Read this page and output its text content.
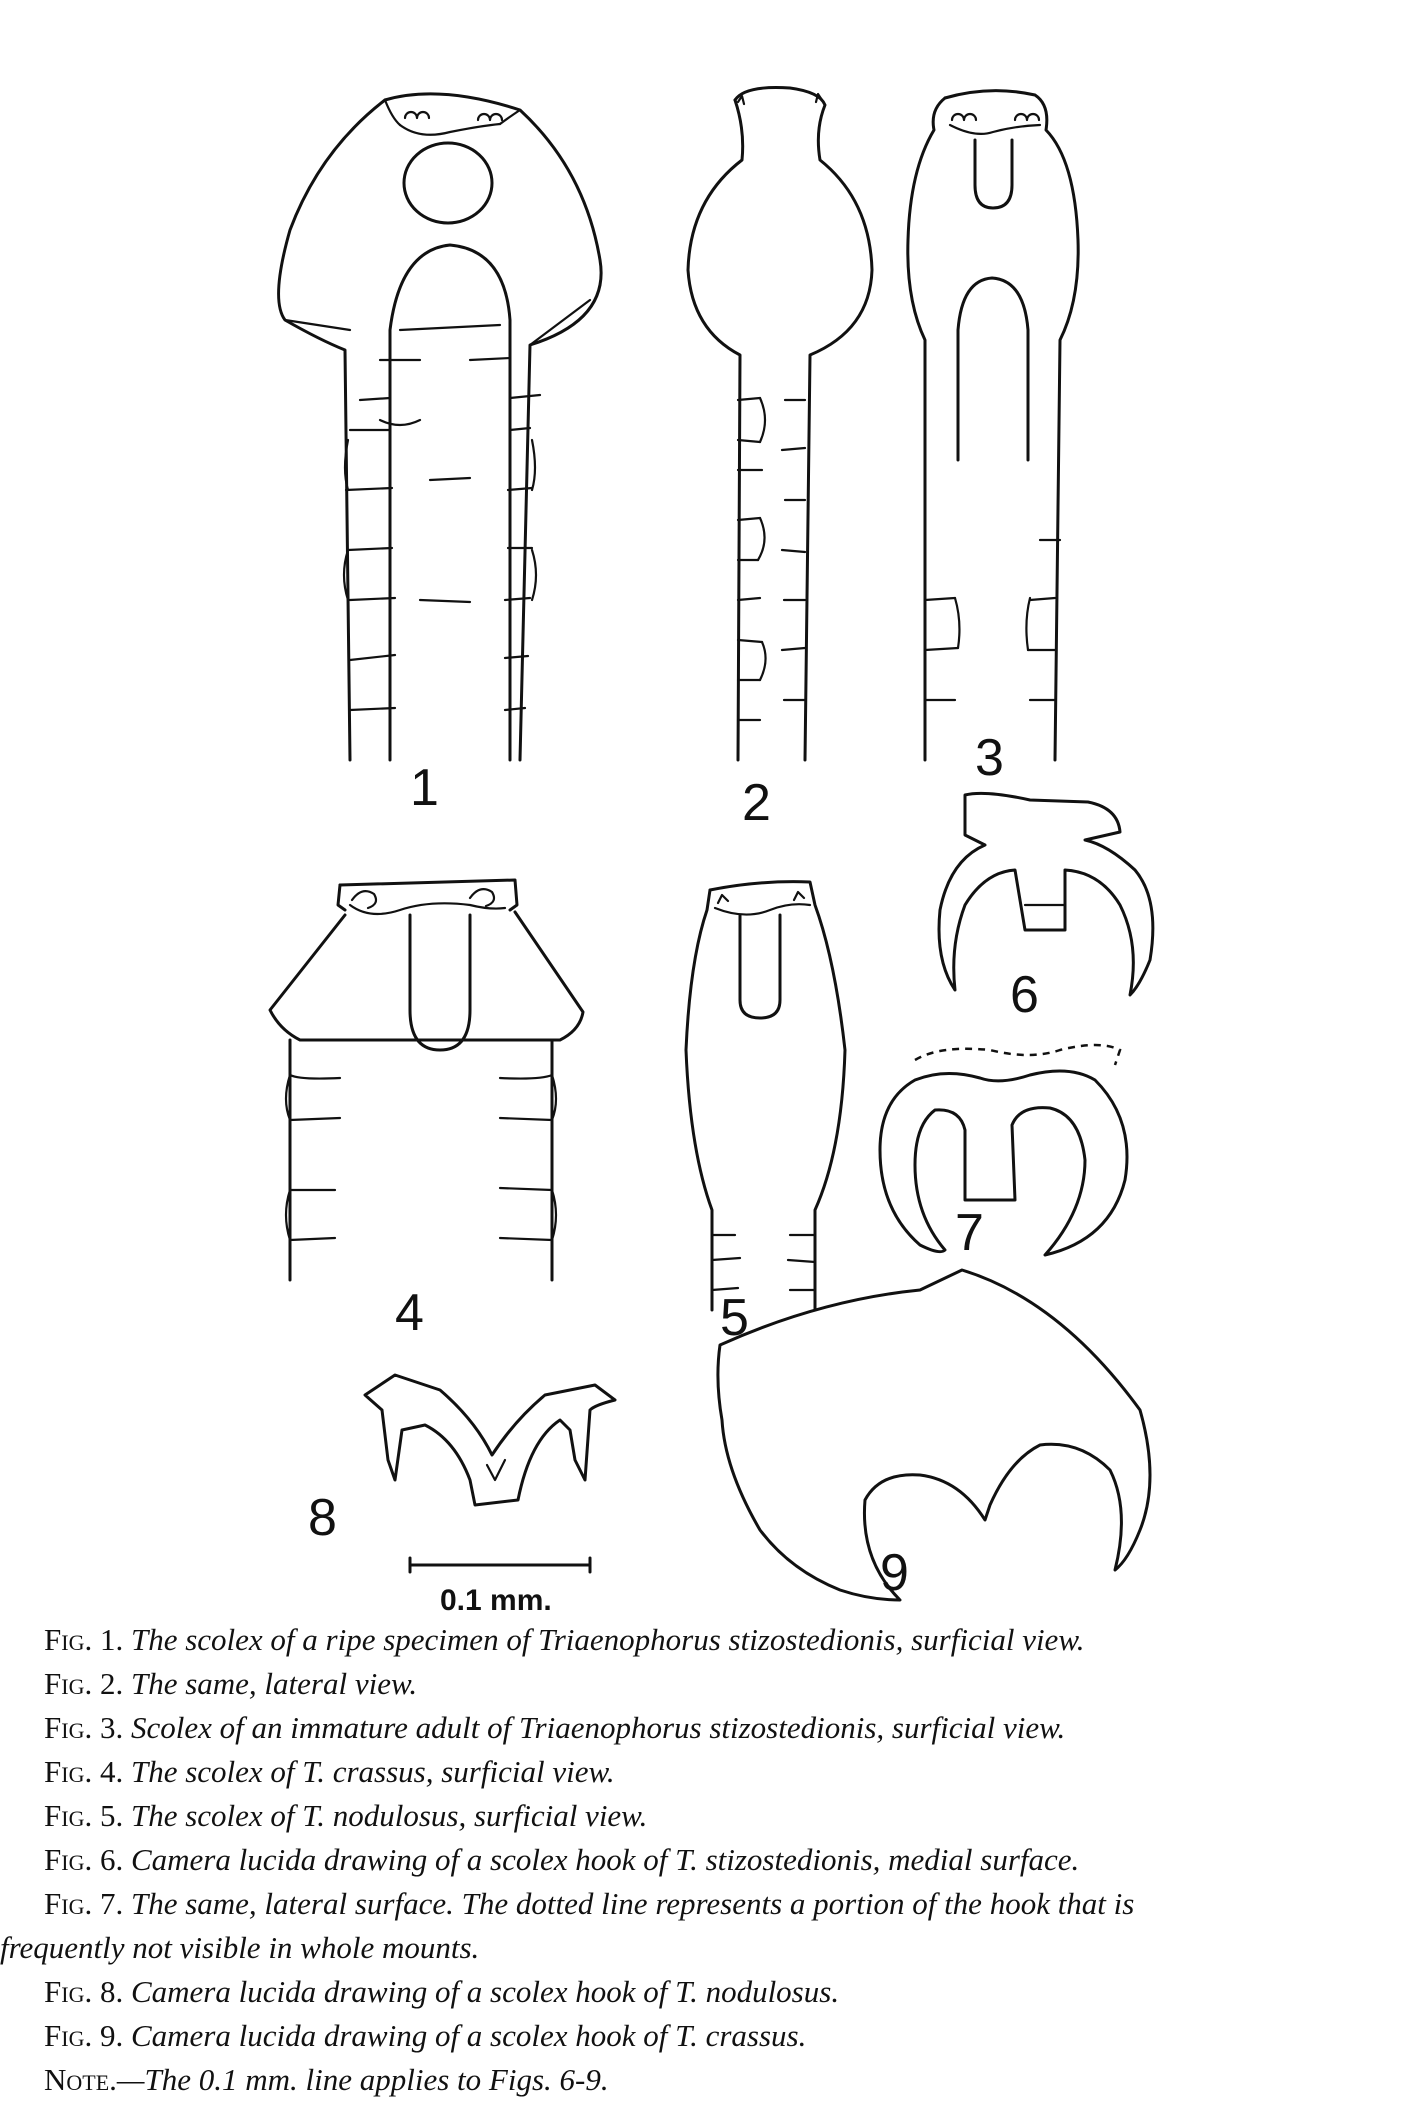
0.1 mm.
1	2
3
4	5
6
7
8
9
Fig. 1. The scolex of a ripe specimen of Triaenophorus stizostedionis, surficial view.
Fig. 2. The same, lateral view.
Fig. 3. Scolex of an immature adult of Triaenophorus stizostedionis, surficial view.
Fig. 4. The scolex of T. crassus, surficial view.
Fig. 5. The scolex of T. nodulosus, surficial view.
Fig. 6. Camera lucida drawing of a scolex hook of T. stizostedionis, medial surface.
Fig. 7. The same, lateral surface. The dotted line represents a portion of the hook that is
frequently not visible in whole mounts.
Fig. 8. Camera lucida drawing of a scolex hook of T. nodulosus.
Fig. 9. Camera lucida drawing of a scolex hook of T. crassus.
Note.—The 0.1 mm. line applies to Figs. 6-9.
